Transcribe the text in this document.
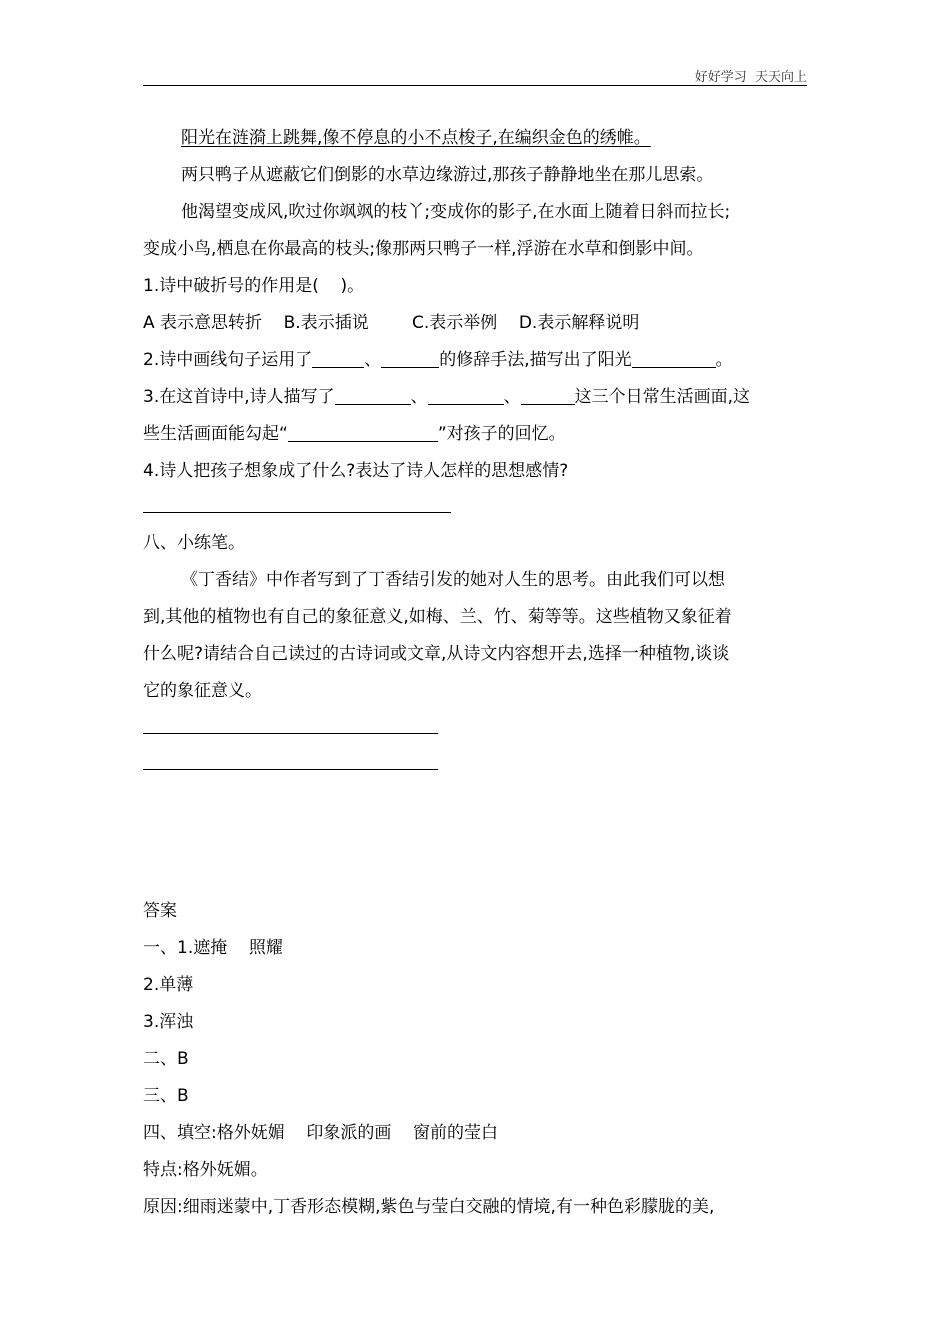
好好学习  天天向上
阳光在涟漪上跳舞,像不停息的小不点梭子,在编织金色的绣帷。
两只鸭子从遮蔽它们倒影的水草边缘游过,那孩子静静地坐在那儿思索。
他渴望变成风,吹过你飒飒的枝丫;变成你的影子,在水面上随着日斜而拉长;
变成小鸟,栖息在你最高的枝头;像那两只鸭子一样,浮游在水草和倒影中间。
1.诗中破折号的作用是(    )。
A 表示意思转折    B.表示插说        C.表示举例    D.表示解释说明
2.诗中画线句子运用了	、	的修辞手法,描写出了阳光	。
3.在这首诗中,诗人描写了	、	、	这三个日常生活画面,这
些生活画面能勾起“	”对孩子的回忆。
4.诗人把孩子想象成了什么?表达了诗人怎样的思想感情?
八、小练笔。
《丁香结》中作者写到了丁香结引发的她对人生的思考。由此我们可以想
到,其他的植物也有自己的象征意义,如梅、兰、竹、菊等等。这些植物又象征着
什么呢?请结合自己读过的古诗词或文章,从诗文内容想开去,选择一种植物,谈谈
它的象征意义。
答案
一、1.遮掩    照耀
2.单薄
3.浑浊
二、B
三、B
四、填空:格外妩媚    印象派的画    窗前的莹白
特点:格外妩媚。
原因:细雨迷蒙中,丁香形态模糊,紫色与莹白交融的情境,有一种色彩朦胧的美,
